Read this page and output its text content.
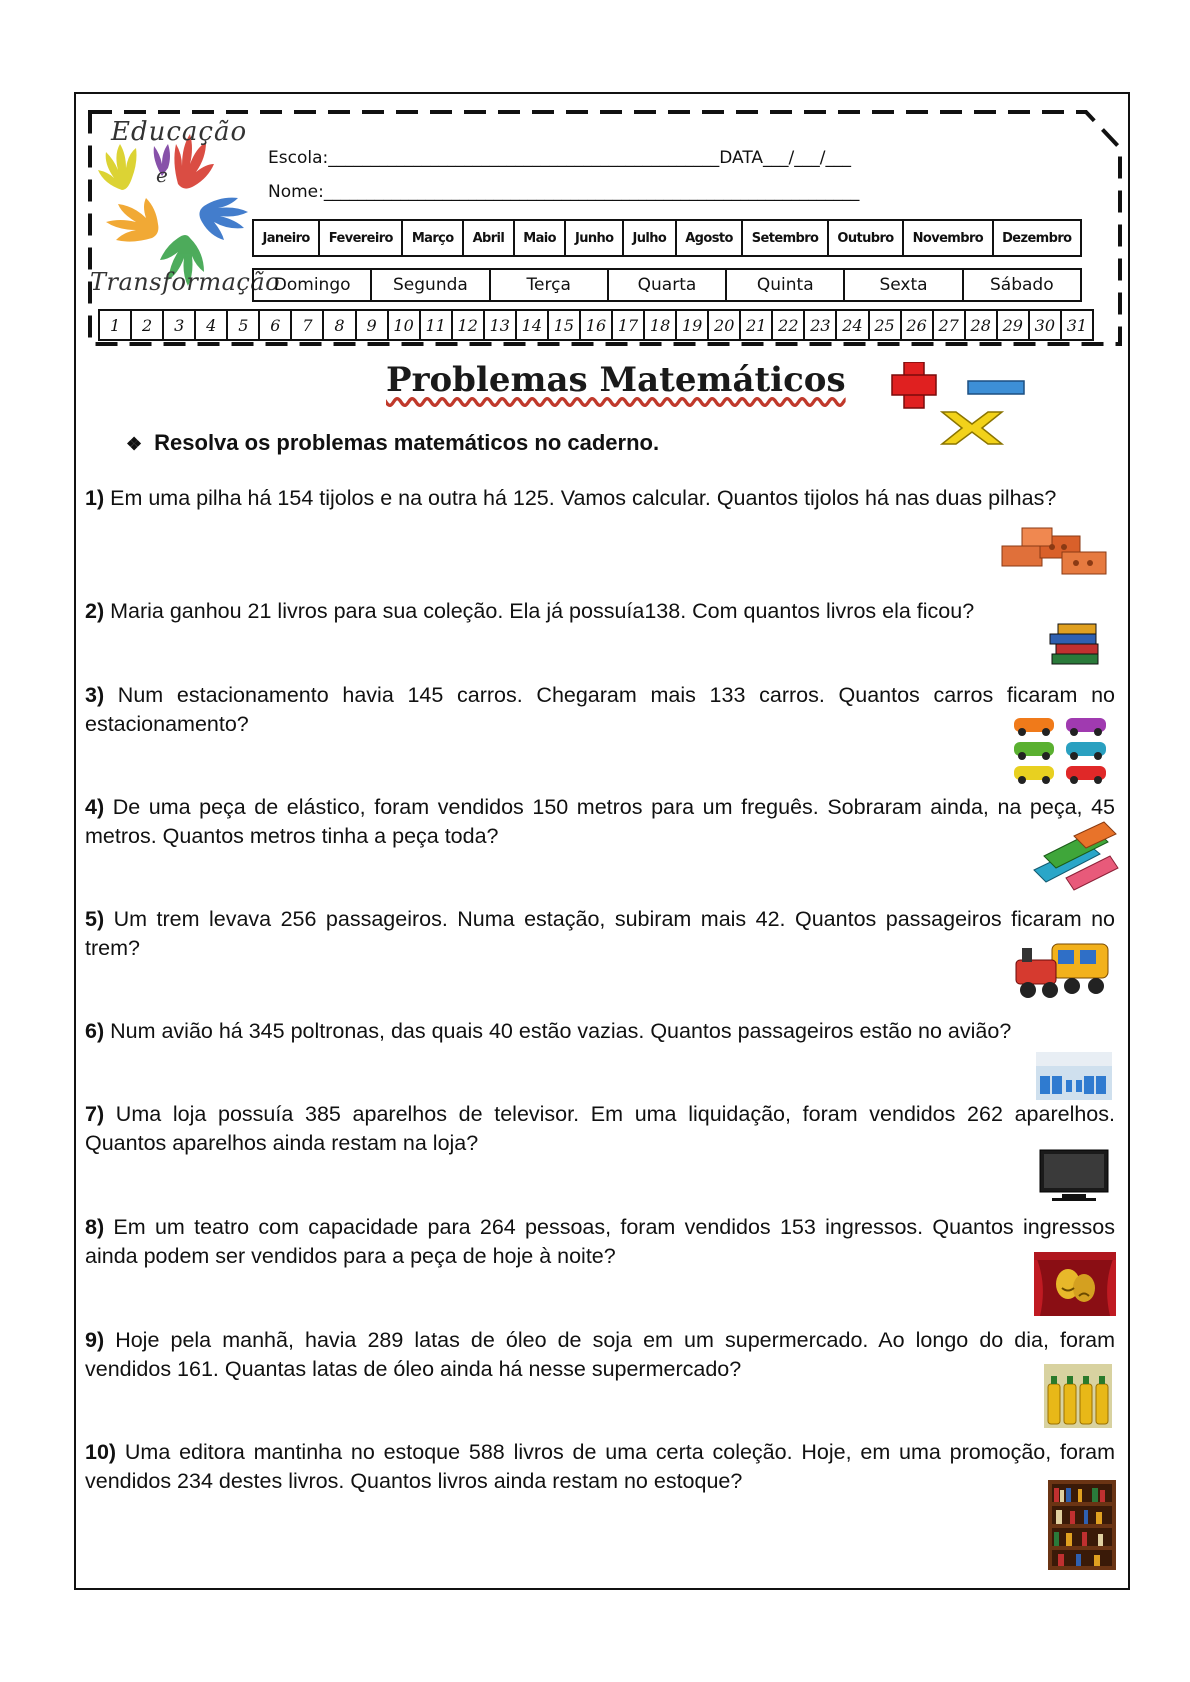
e
Educação
Transformação
Escola:______________________________________________DATA___/___/___
Nome:_______________________________________________________________
Janeiro	Fevereiro	Março	Abril	Maio	Junho	Julho	Agosto	Setembro	Outubro	Novembro	Dezembro
Domingo	Segunda	Terça	Quarta	Quinta	Sexta	Sábado
1	2	3	4	5	6	7	8	9	10 11 12 13 14 15 16 17 18 19 20 21 22 23 24 25 26 27 28 29 30 31
Problemas Matemáticos
❖ Resolva os problemas matemáticos no caderno.
1) Em uma pilha há 154 tijolos e na outra há 125. Vamos calcular. Quantos tijolos há nas duas pilhas?
2) Maria ganhou 21 livros para sua coleção. Ela já possuía138. Com quantos livros ela ficou?
3) Num estacionamento havia 145 carros. Chegaram mais 133 carros. Quantos carros ficaram no estacionamento?
4) De uma peça de elástico, foram vendidos 150 metros para um freguês. Sobraram ainda, na peça, 45 metros. Quantos metros tinha a peça toda?
5) Um trem levava 256 passageiros. Numa estação, subiram mais 42. Quantos passageiros ficaram no trem?
6) Num avião há 345 poltronas, das quais 40 estão vazias. Quantos passageiros estão no avião?
7) Uma loja possuía 385 aparelhos de televisor. Em uma liquidação, foram vendidos 262 aparelhos. Quantos aparelhos ainda restam na loja?
8) Em um teatro com capacidade para 264 pessoas, foram vendidos 153 ingressos. Quantos ingressos ainda podem ser vendidos para a peça de hoje à noite?
9) Hoje pela manhã, havia 289 latas de óleo de soja em um supermercado. Ao longo do dia, foram vendidos 161. Quantas latas de óleo ainda há nesse supermercado?
10) Uma editora mantinha no estoque 588 livros de uma certa coleção. Hoje, em uma promoção, foram vendidos 234 destes livros. Quantos livros ainda restam no estoque?
